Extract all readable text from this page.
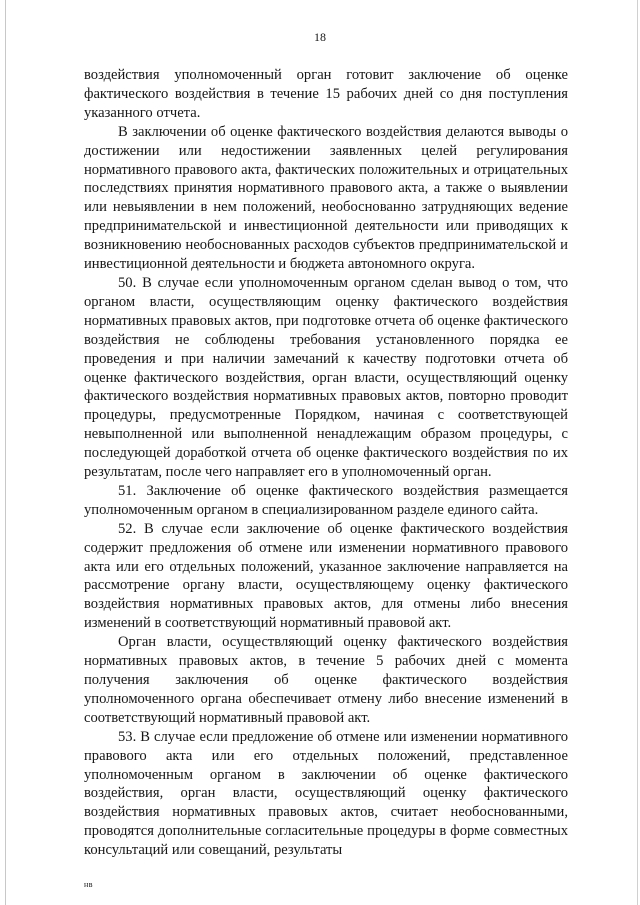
18

воздействия уполномоченный орган готовит заключение об оценке фактического воздействия в течение 15 рабочих дней со дня поступления указанного отчета.

В заключении об оценке фактического воздействия делаются выводы о достижении или недостижении заявленных целей регулирования нормативного правового акта, фактических положительных и отрицательных последствиях принятия нормативного правового акта, а также о выявлении или невыявлении в нем положений, необоснованно затрудняющих ведение предпринимательской и инвестиционной деятельности или приводящих к возникновению необоснованных расходов субъектов предпринимательской и инвестиционной деятельности и бюджета автономного округа.

50. В случае если уполномоченным органом сделан вывод о том, что органом власти, осуществляющим оценку фактического воздействия нормативных правовых актов, при подготовке отчета об оценке фактического воздействия не соблюдены требования установленного порядка ее проведения и при наличии замечаний к качеству подготовки отчета об оценке фактического воздействия, орган власти, осуществляющий оценку фактического воздействия нормативных правовых актов, повторно проводит процедуры, предусмотренные Порядком, начиная с соответствующей невыполненной или выполненной ненадлежащим образом процедуры, с последующей доработкой отчета об оценке фактического воздействия по их результатам, после чего направляет его в уполномоченный орган.

51. Заключение об оценке фактического воздействия размещается уполномоченным органом в специализированном разделе единого сайта.

52. В случае если заключение об оценке фактического воздействия содержит предложения об отмене или изменении нормативного правового акта или его отдельных положений, указанное заключение направляется на рассмотрение органу власти, осуществляющему оценку фактического воздействия нормативных правовых актов, для отмены либо внесения изменений в соответствующий нормативный правовой акт.

Орган власти, осуществляющий оценку фактического воздействия нормативных правовых актов, в течение 5 рабочих дней с момента получения заключения об оценке фактического воздействия уполномоченного органа обеспечивает отмену либо внесение изменений в соответствующий нормативный правовой акт.

53. В случае если предложение об отмене или изменении нормативного правового акта или его отдельных положений, представленное уполномоченным органом в заключении об оценке фактического воздействия, орган власти, осуществляющий оценку фактического воздействия нормативных правовых актов, считает необоснованными, проводятся дополнительные согласительные процедуры в форме совместных консультаций или совещаний, результаты

нв
